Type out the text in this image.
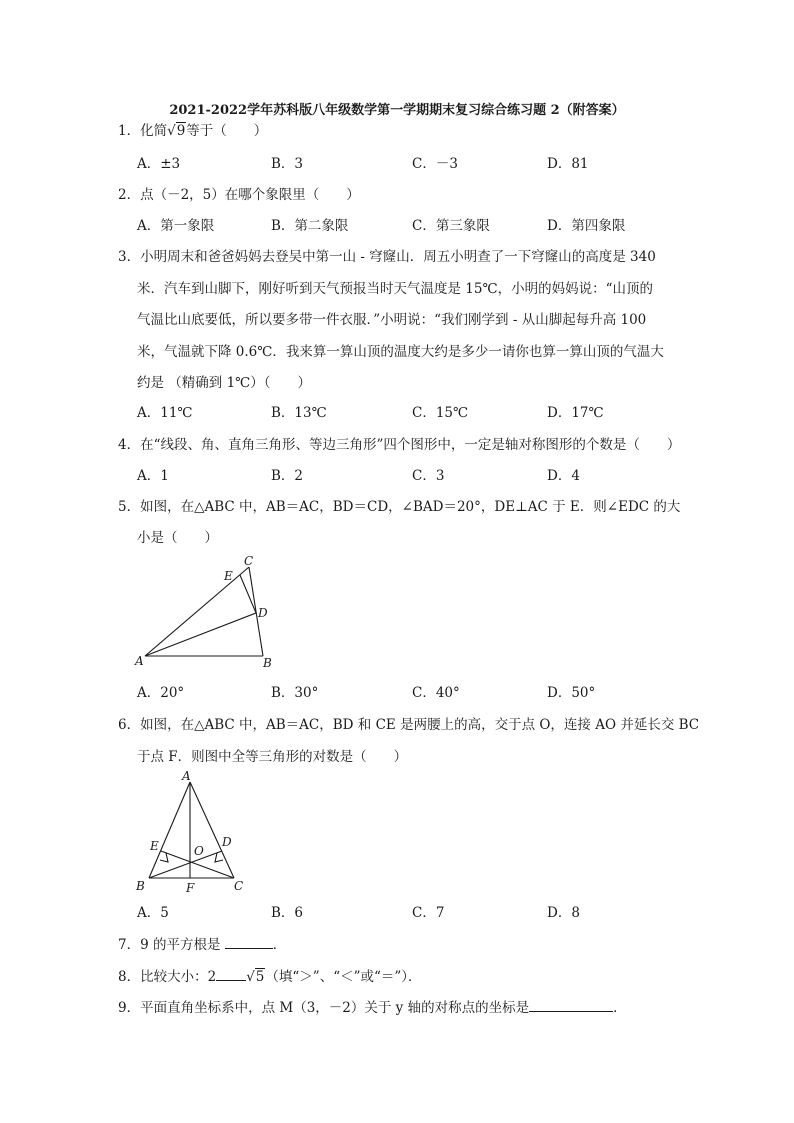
2021-2022学年苏科版八年级数学第一学期期末复习综合练习题 2（附答案）
1．化简√9等于（　　）
A．±3	B．3	C．－3	D．81
2．点（－2，5）在哪个象限里（　　）
A．第一象限	B．第二象限	C．第三象限	D．第四象限
3．小明周末和爸爸妈妈去登吴中第一山 - 穹窿山．周五小明查了一下穹窿山的高度是 340
米．汽车到山脚下，刚好听到天气预报当时天气温度是 15℃，小明的妈妈说：“山顶的
气温比山底要低，所以要多带一件衣服．”小明说：“我们刚学到 - 从山脚起每升高 100
米，气温就下降 0.6℃．我来算一算山顶的温度大约是多少一请你也算一算山顶的气温大
约是 （精确到 1℃）（　　）
A．11℃	B．13℃	C．15℃	D．17℃
4．在“线段、角、直角三角形、等边三角形”四个图形中，一定是轴对称图形的个数是（　　）
A．1	B．2	C．3	D．4
5．如图，在△ABC 中，AB＝AC，BD＝CD，∠BAD＝20°，DE⊥AC 于 E．则∠EDC 的大
小是（　　）
A	B
C
D
E
A．20°	B．30°	C．40°	D．50°
6．如图，在△ABC 中，AB＝AC，BD 和 CE 是两腰上的高，交于点 O，连接 AO 并延长交 BC
于点 F．则图中全等三角形的对数是（　　）
A
B	C
D
E
F
O
A．5	B．6	C．7	D．8
7．9 的平方根是	．
8．比较大小：2 √5（填“＞”、“＜”或“＝”）．
9．平面直角坐标系中，点 M（3，－2）关于 y 轴的对称点的坐标是	．
